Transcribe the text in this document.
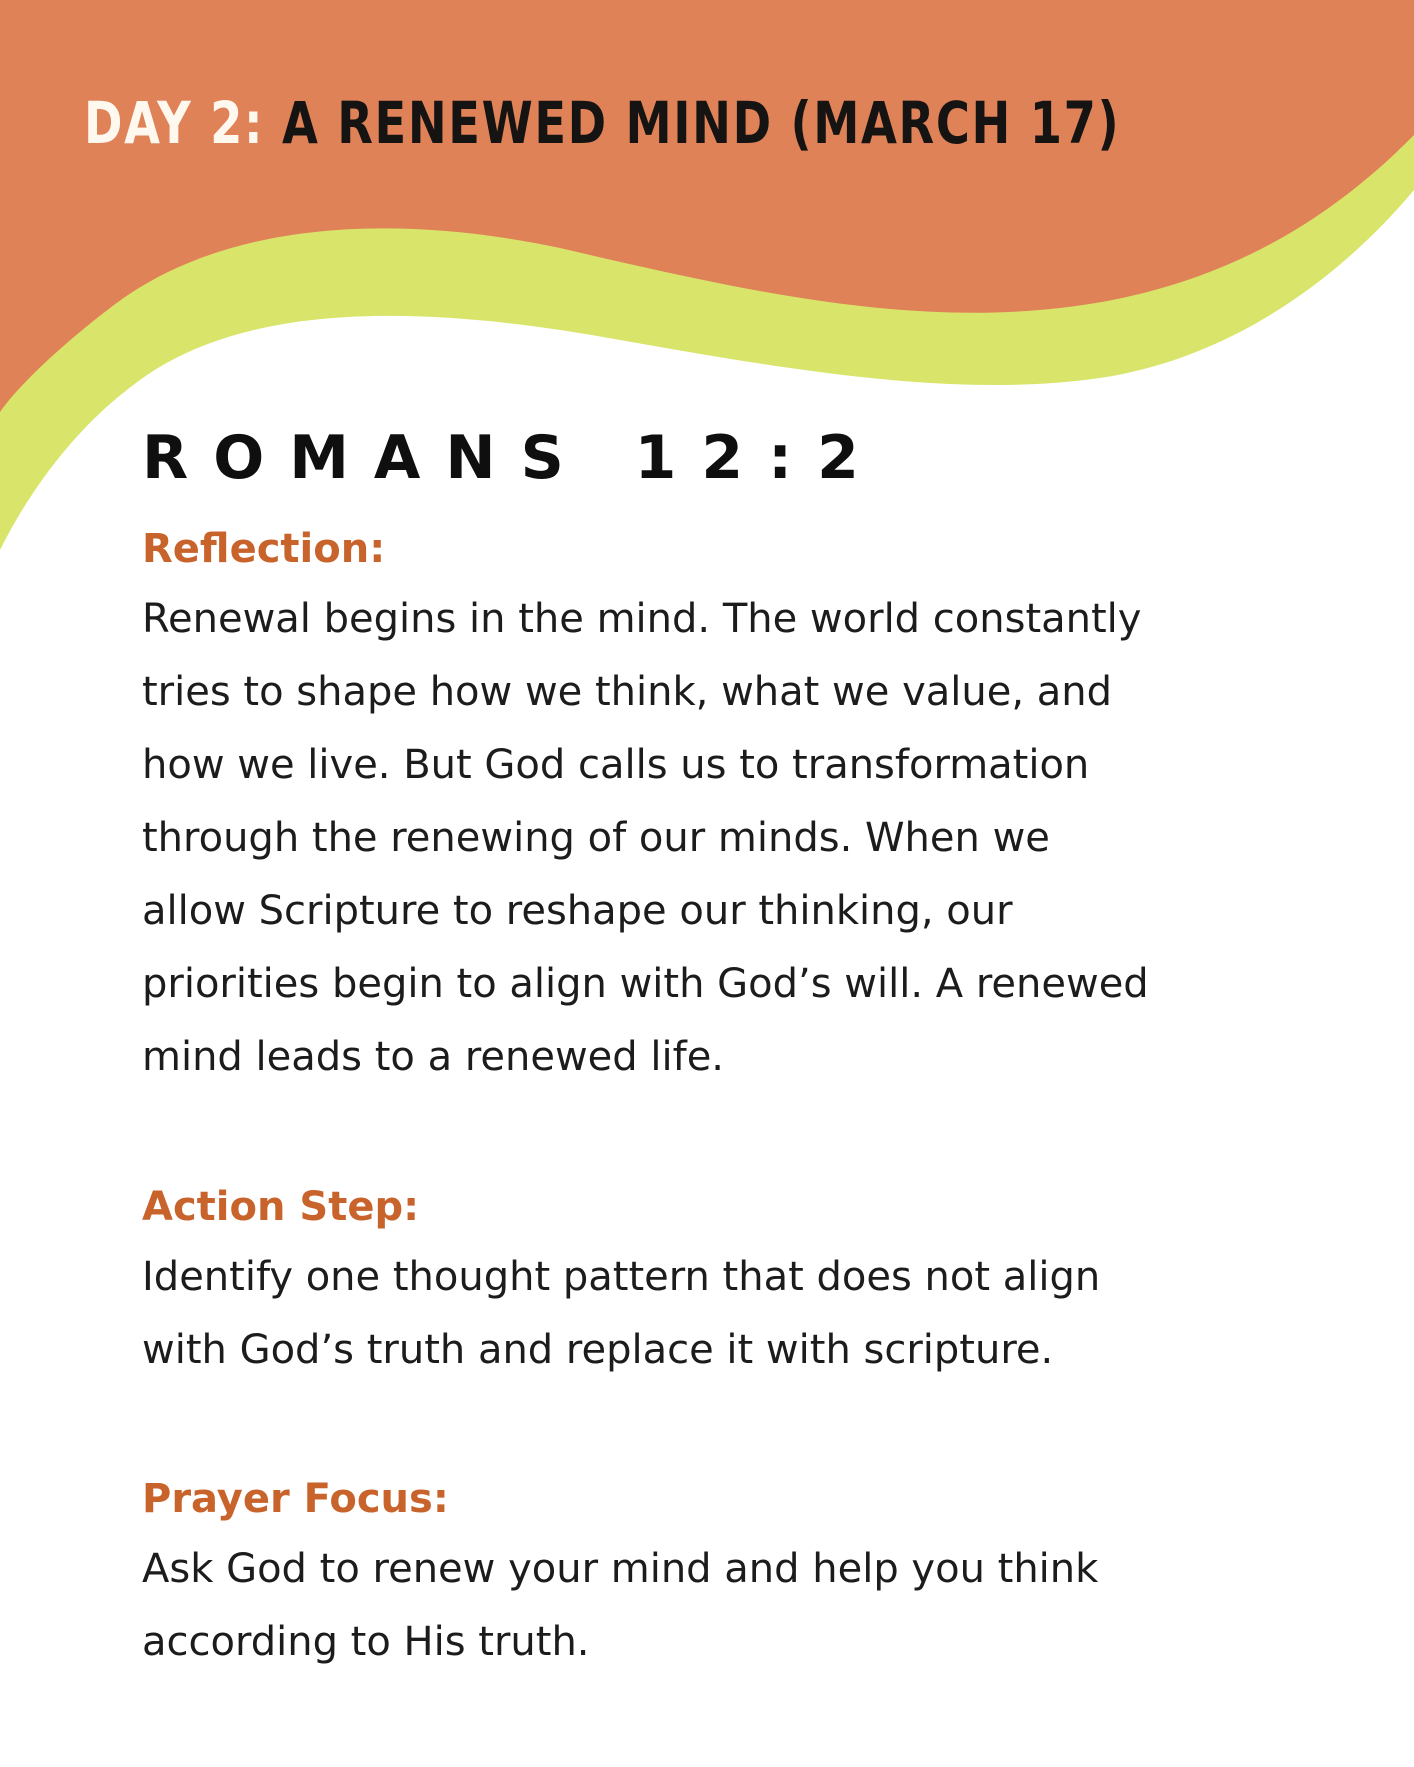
DAY 2: A RENEWED MIND (MARCH 17)
ROMANS 12:2
Reflection:

Renewal begins in the mind. The world constantly
tries to shape how we think, what we value, and
how we live. But God calls us to transformation
through the renewing of our minds. When we
allow Scripture to reshape our thinking, our
priorities begin to align with God’s will. A renewed
mind leads to a renewed life.

Action Step:

Identify one thought pattern that does not align
with God’s truth and replace it with scripture.

Prayer Focus:

Ask God to renew your mind and help you think
according to His truth.
